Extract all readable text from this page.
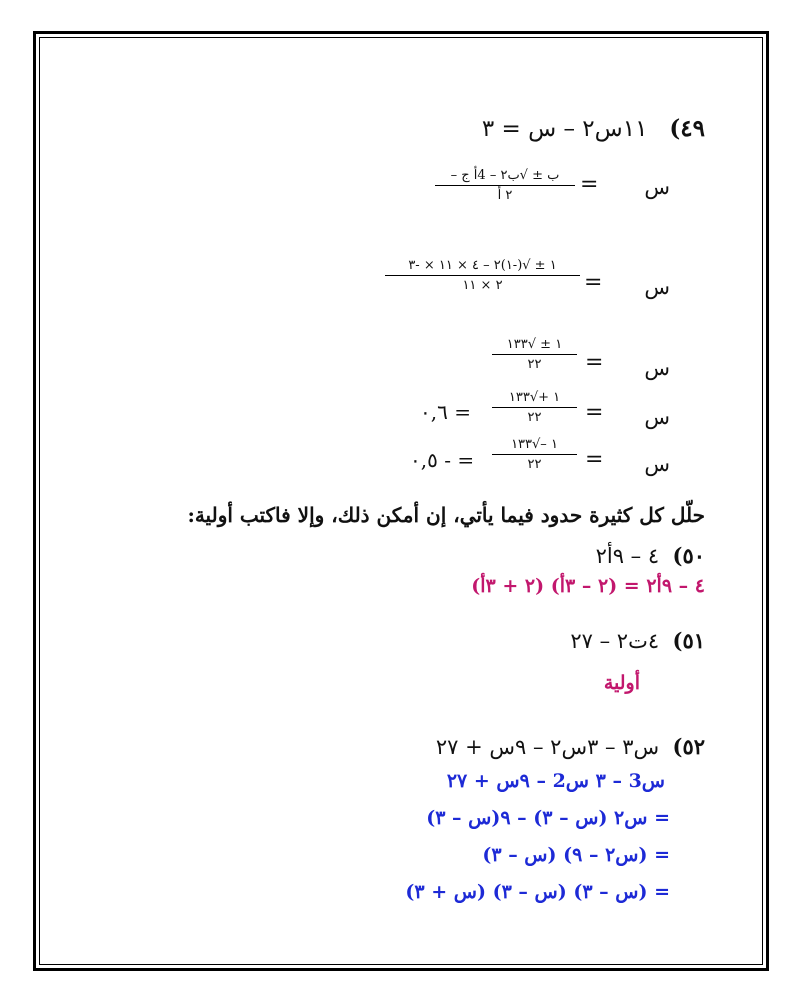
٤٩)   ١١س٢ – س = ٣
س
=
– ب ± √ب٢ – 4أ ج
٢ أ
س
=
١ ± √(-١)٢ – ٤ × ١١ × -٣
٢ × ١١
س
=
١ ± √١٣٣
٢٢
س
=
١ +√١٣٣
٢٢
= ٠,٦
س
=
١ –√١٣٣
٢٢
= - ٠,٥
حلّل كل كثيرة حدود فيما يأتي، إن أمكن ذلك، وإلا فاكتب أولية:
٥٠)  ٤ – ٩أ٢
٤ – ٩أ٢ = (٢ – ٣أ) (٢ + ٣أ)
٥١)  ٤ت٢ – ٢٧
أولية
٥٢)  س٣ – ٣س٢ – ٩س + ٢٧
س3 – ٣ س2 – ٩س + ٢٧
= س٢ (س – ٣) – ٩(س – ٣)
= (س٢ – ٩) (س – ٣)
= (س – ٣) (س – ٣) (س + ٣)
